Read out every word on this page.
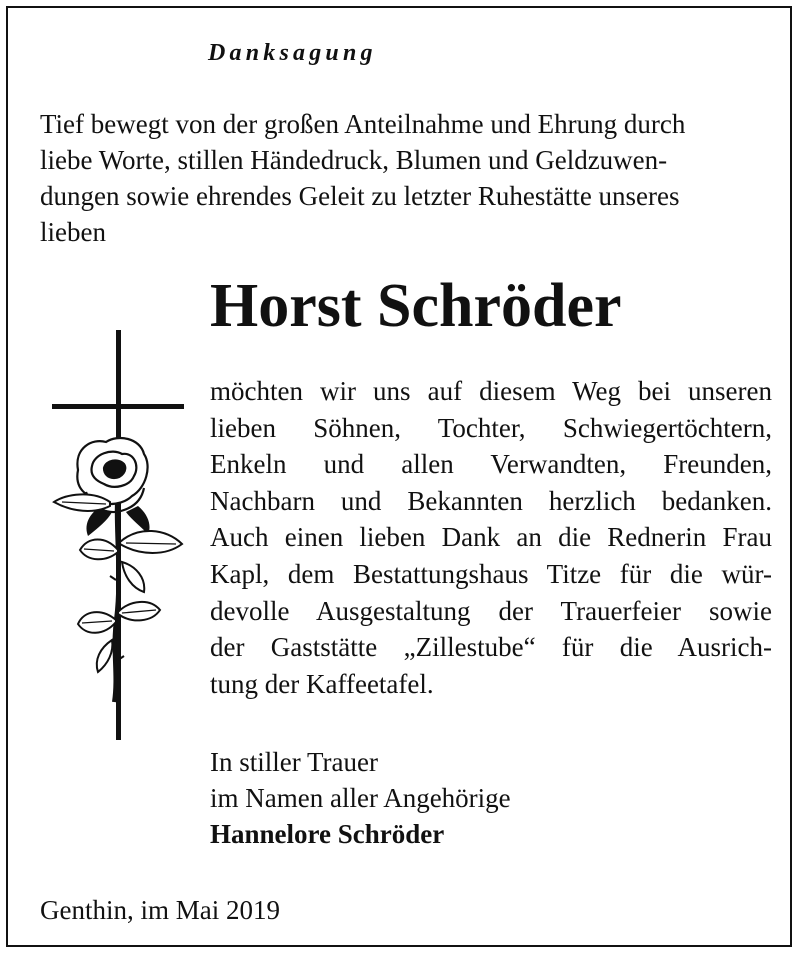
Danksagung
Tief bewegt von der großen Anteilnahme und Ehrung durch
liebe Worte, stillen Händedruck, Blumen und Geldzuwen-
dungen sowie ehrendes Geleit zu letzter Ruhestätte unseres
lieben
Horst Schröder
möchten wir uns auf diesem Weg bei unseren
lieben Söhnen, Tochter, Schwiegertöchtern,
Enkeln und allen Verwandten, Freunden,
Nachbarn und Bekannten herzlich bedanken.
Auch einen lieben Dank an die Rednerin Frau
Kapl, dem Bestattungshaus Titze für die wür-
devolle Ausgestaltung der Trauerfeier sowie
der Gaststätte „Zillestube“ für die Ausrich-
tung der Kaffeetafel.
In stiller Trauer
im Namen aller Angehörige
Hannelore Schröder
Genthin, im Mai 2019
